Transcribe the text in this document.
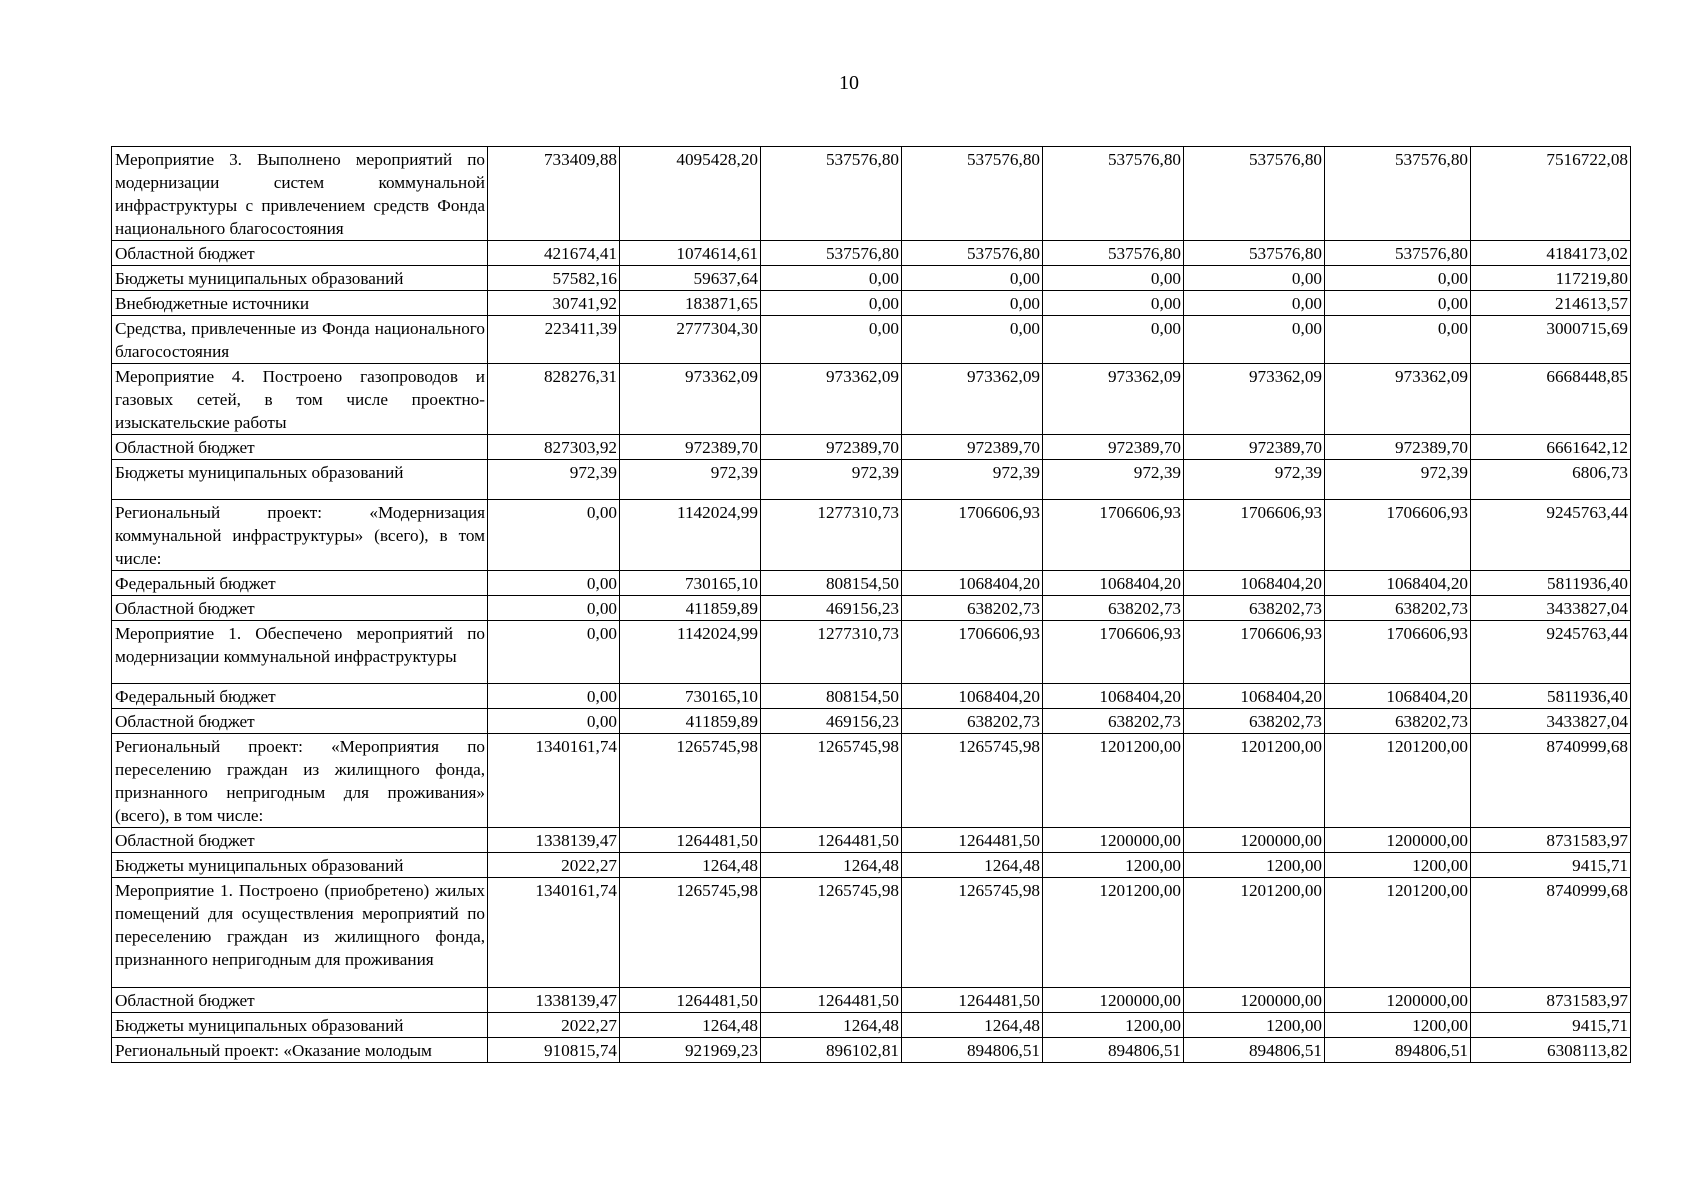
10
Мероприятие 3. Выполнено мероприятий по модернизации систем коммунальной инфраструктуры с привлечением средств Фонда национального благосостояния	733409,88	4095428,20	537576,80	537576,80	537576,80	537576,80	537576,80	7516722,08
Областной бюджет	421674,41	1074614,61	537576,80	537576,80	537576,80	537576,80	537576,80	4184173,02
Бюджеты муниципальных образований	57582,16	59637,64	0,00	0,00	0,00	0,00	0,00	117219,80
Внебюджетные источники	30741,92	183871,65	0,00	0,00	0,00	0,00	0,00	214613,57
Средства, привлеченные из Фонда национального благосостояния	223411,39	2777304,30	0,00	0,00	0,00	0,00	0,00	3000715,69
Мероприятие 4. Построено газопроводов и газовых сетей, в том числе проектно-изыскательские работы	828276,31	973362,09	973362,09	973362,09	973362,09	973362,09	973362,09	6668448,85
Областной бюджет	827303,92	972389,70	972389,70	972389,70	972389,70	972389,70	972389,70	6661642,12
Бюджеты муниципальных образований	972,39	972,39	972,39	972,39	972,39	972,39	972,39	6806,73
Региональный проект: «Модернизация коммунальной инфраструктуры» (всего), в том числе:	0,00	1142024,99	1277310,73	1706606,93	1706606,93	1706606,93	1706606,93	9245763,44
Федеральный бюджет	0,00	730165,10	808154,50	1068404,20	1068404,20	1068404,20	1068404,20	5811936,40
Областной бюджет	0,00	411859,89	469156,23	638202,73	638202,73	638202,73	638202,73	3433827,04
Мероприятие 1. Обеспечено мероприятий по модернизации коммунальной инфраструктуры	0,00	1142024,99	1277310,73	1706606,93	1706606,93	1706606,93	1706606,93	9245763,44
Федеральный бюджет	0,00	730165,10	808154,50	1068404,20	1068404,20	1068404,20	1068404,20	5811936,40
Областной бюджет	0,00	411859,89	469156,23	638202,73	638202,73	638202,73	638202,73	3433827,04
Региональный проект: «Мероприятия по переселению граждан из жилищного фонда, признанного непригодным для проживания» (всего), в том числе:	1340161,74	1265745,98	1265745,98	1265745,98	1201200,00	1201200,00	1201200,00	8740999,68
Областной бюджет	1338139,47	1264481,50	1264481,50	1264481,50	1200000,00	1200000,00	1200000,00	8731583,97
Бюджеты муниципальных образований	2022,27	1264,48	1264,48	1264,48	1200,00	1200,00	1200,00	9415,71
Мероприятие 1. Построено (приобретено) жилых помещений для осуществления мероприятий по переселению граждан из жилищного фонда, признанного непригодным для проживания	1340161,74	1265745,98	1265745,98	1265745,98	1201200,00	1201200,00	1201200,00	8740999,68
Областной бюджет	1338139,47	1264481,50	1264481,50	1264481,50	1200000,00	1200000,00	1200000,00	8731583,97
Бюджеты муниципальных образований	2022,27	1264,48	1264,48	1264,48	1200,00	1200,00	1200,00	9415,71
Региональный проект: «Оказание молодым	910815,74	921969,23	896102,81	894806,51	894806,51	894806,51	894806,51	6308113,82
